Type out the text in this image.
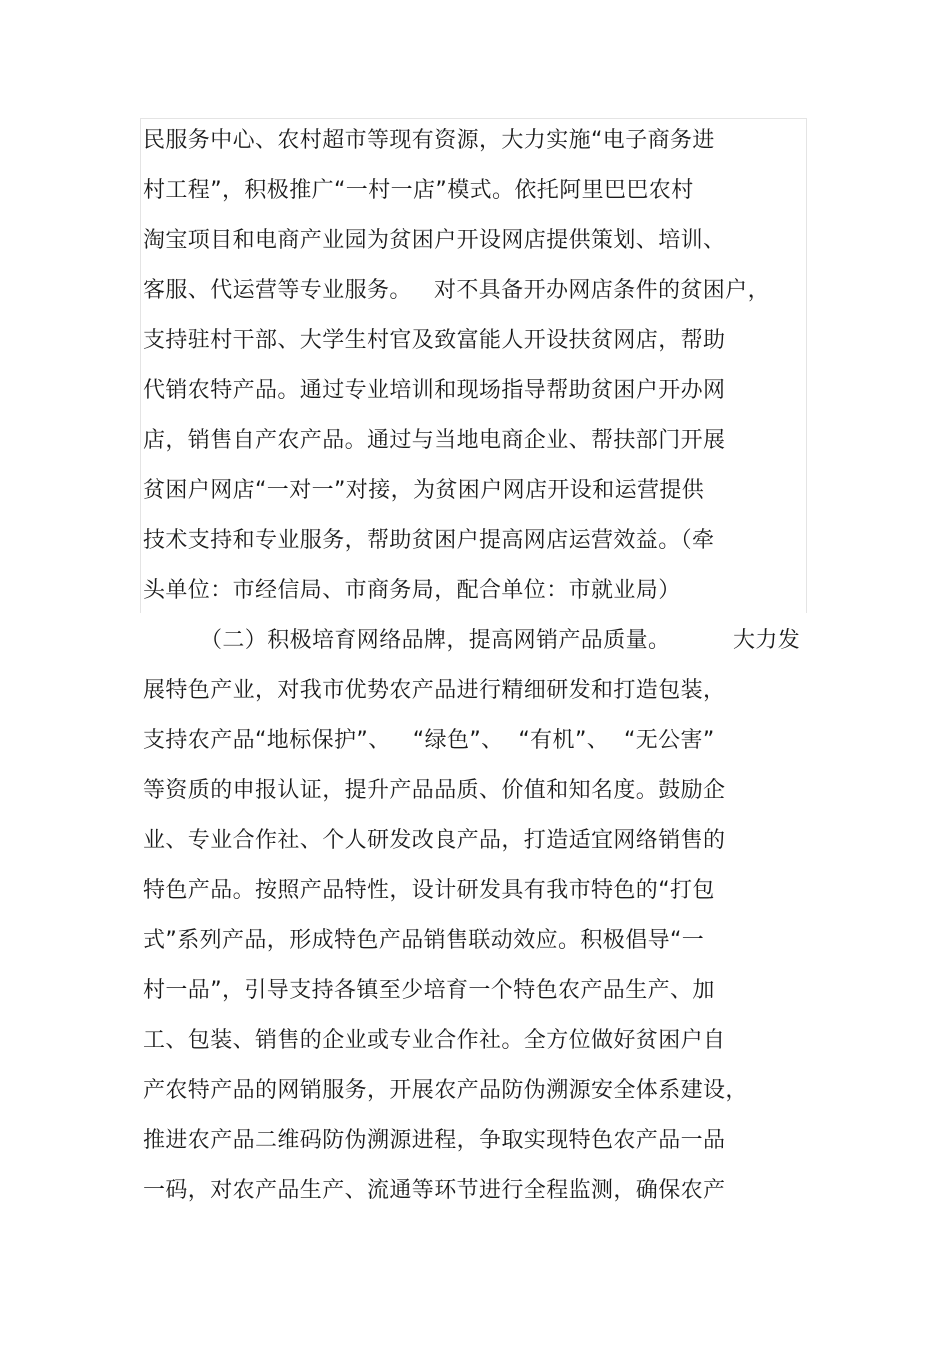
民服务中心、农村超市等现有资源，大力实施“电子商务进
村工程”，积极推广“一村一店”模式。依托阿里巴巴农村
淘宝项目和电商产业园为贫困户开设网店提供策划、培训、
客服、代运营等专业服务。   对不具备开办网店条件的贫困户，
支持驻村干部、大学生村官及致富能人开设扶贫网店，帮助
代销农特产品。通过专业培训和现场指导帮助贫困户开办网
店，销售自产农产品。通过与当地电商企业、帮扶部门开展
贫困户网店“一对一”对接，为贫困户网店开设和运营提供
技术支持和专业服务，帮助贫困户提高网店运营效益。（牵
头单位：市经信局、市商务局，配合单位：市就业局）
（二）积极培育网络品牌，提高网销产品质量。	大力发
展特色产业，对我市优势农产品进行精细研发和打造包装，
支持农产品“地标保护”、   “绿色”、  “有机”、  “无公害”
等资质的申报认证，提升产品品质、价值和知名度。鼓励企
业、专业合作社、个人研发改良产品，打造适宜网络销售的
特色产品。按照产品特性，设计研发具有我市特色的“打包
式”系列产品，形成特色产品销售联动效应。积极倡导“一
村一品”，引导支持各镇至少培育一个特色农产品生产、加
工、包装、销售的企业或专业合作社。全方位做好贫困户自
产农特产品的网销服务，开展农产品防伪溯源安全体系建设，
推进农产品二维码防伪溯源进程，争取实现特色农产品一品
一码，对农产品生产、流通等环节进行全程监测，确保农产
